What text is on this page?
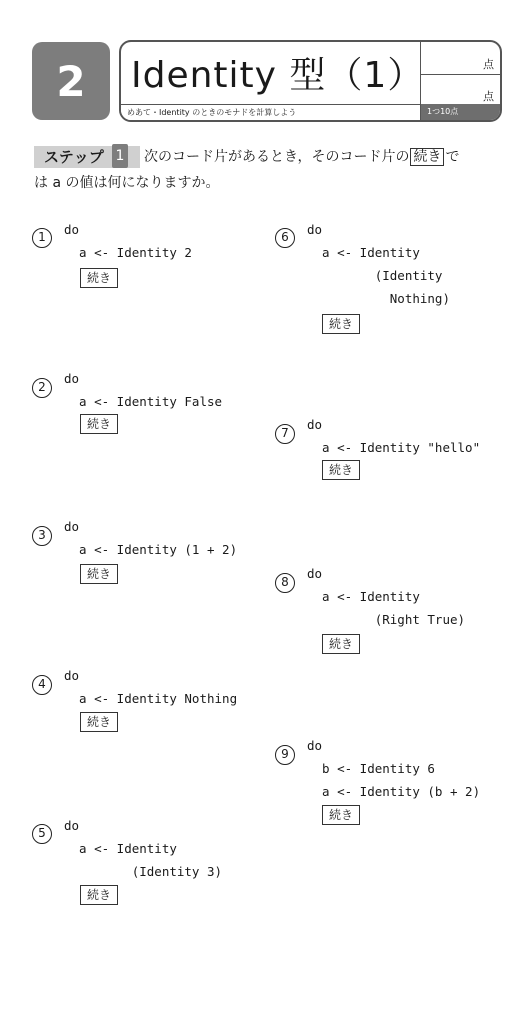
2	Identity 型（1）
めあて・Identity のときのモナドを計算しよう
点
点
1つ10点
ステップ 1 次のコード片があるとき，そのコード片の 続き で
は a の値は何になりますか。
1	do
a <- Identity 2
続き
2
do
a <- Identity False
続き
3
do
a <- Identity (1 + 2)
続き
4
do
a <- Identity Nothing
続き
5	do
a <- Identity
(Identity 3)
続き
6	do
a <- Identity
(Identity
Nothing)
続き
7
do
a <- Identity "hello"
続き
8
do
a <- Identity
(Right True)
続き
9
do
b <- Identity 6
a <- Identity (b + 2)
続き
